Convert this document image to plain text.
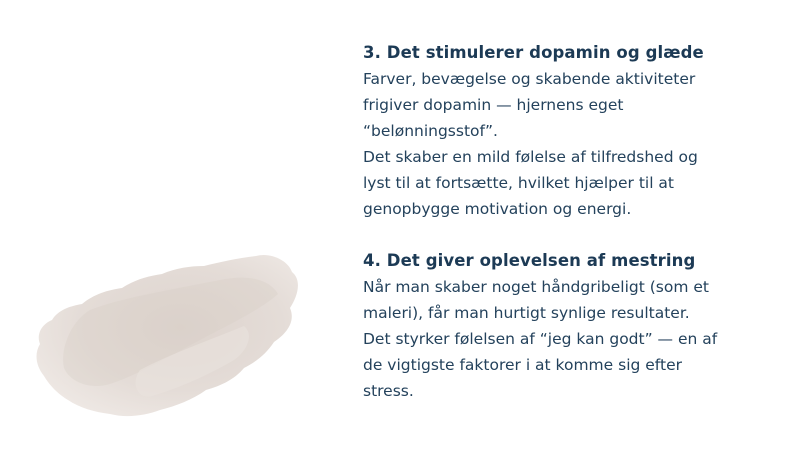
3. Det stimulerer dopamin og glæde
Farver, bevægelse og skabende aktiviteter
frigiver dopamin — hjernens eget
“belønningsstof”.
Det skaber en mild følelse af tilfredshed og
lyst til at fortsætte, hvilket hjælper til at
genopbygge motivation og energi.
4. Det giver oplevelsen af mestring
Når man skaber noget håndgribeligt (som et
maleri), får man hurtigt synlige resultater.
Det styrker følelsen af “jeg kan godt” — en af
de vigtigste faktorer i at komme sig efter
stress.
